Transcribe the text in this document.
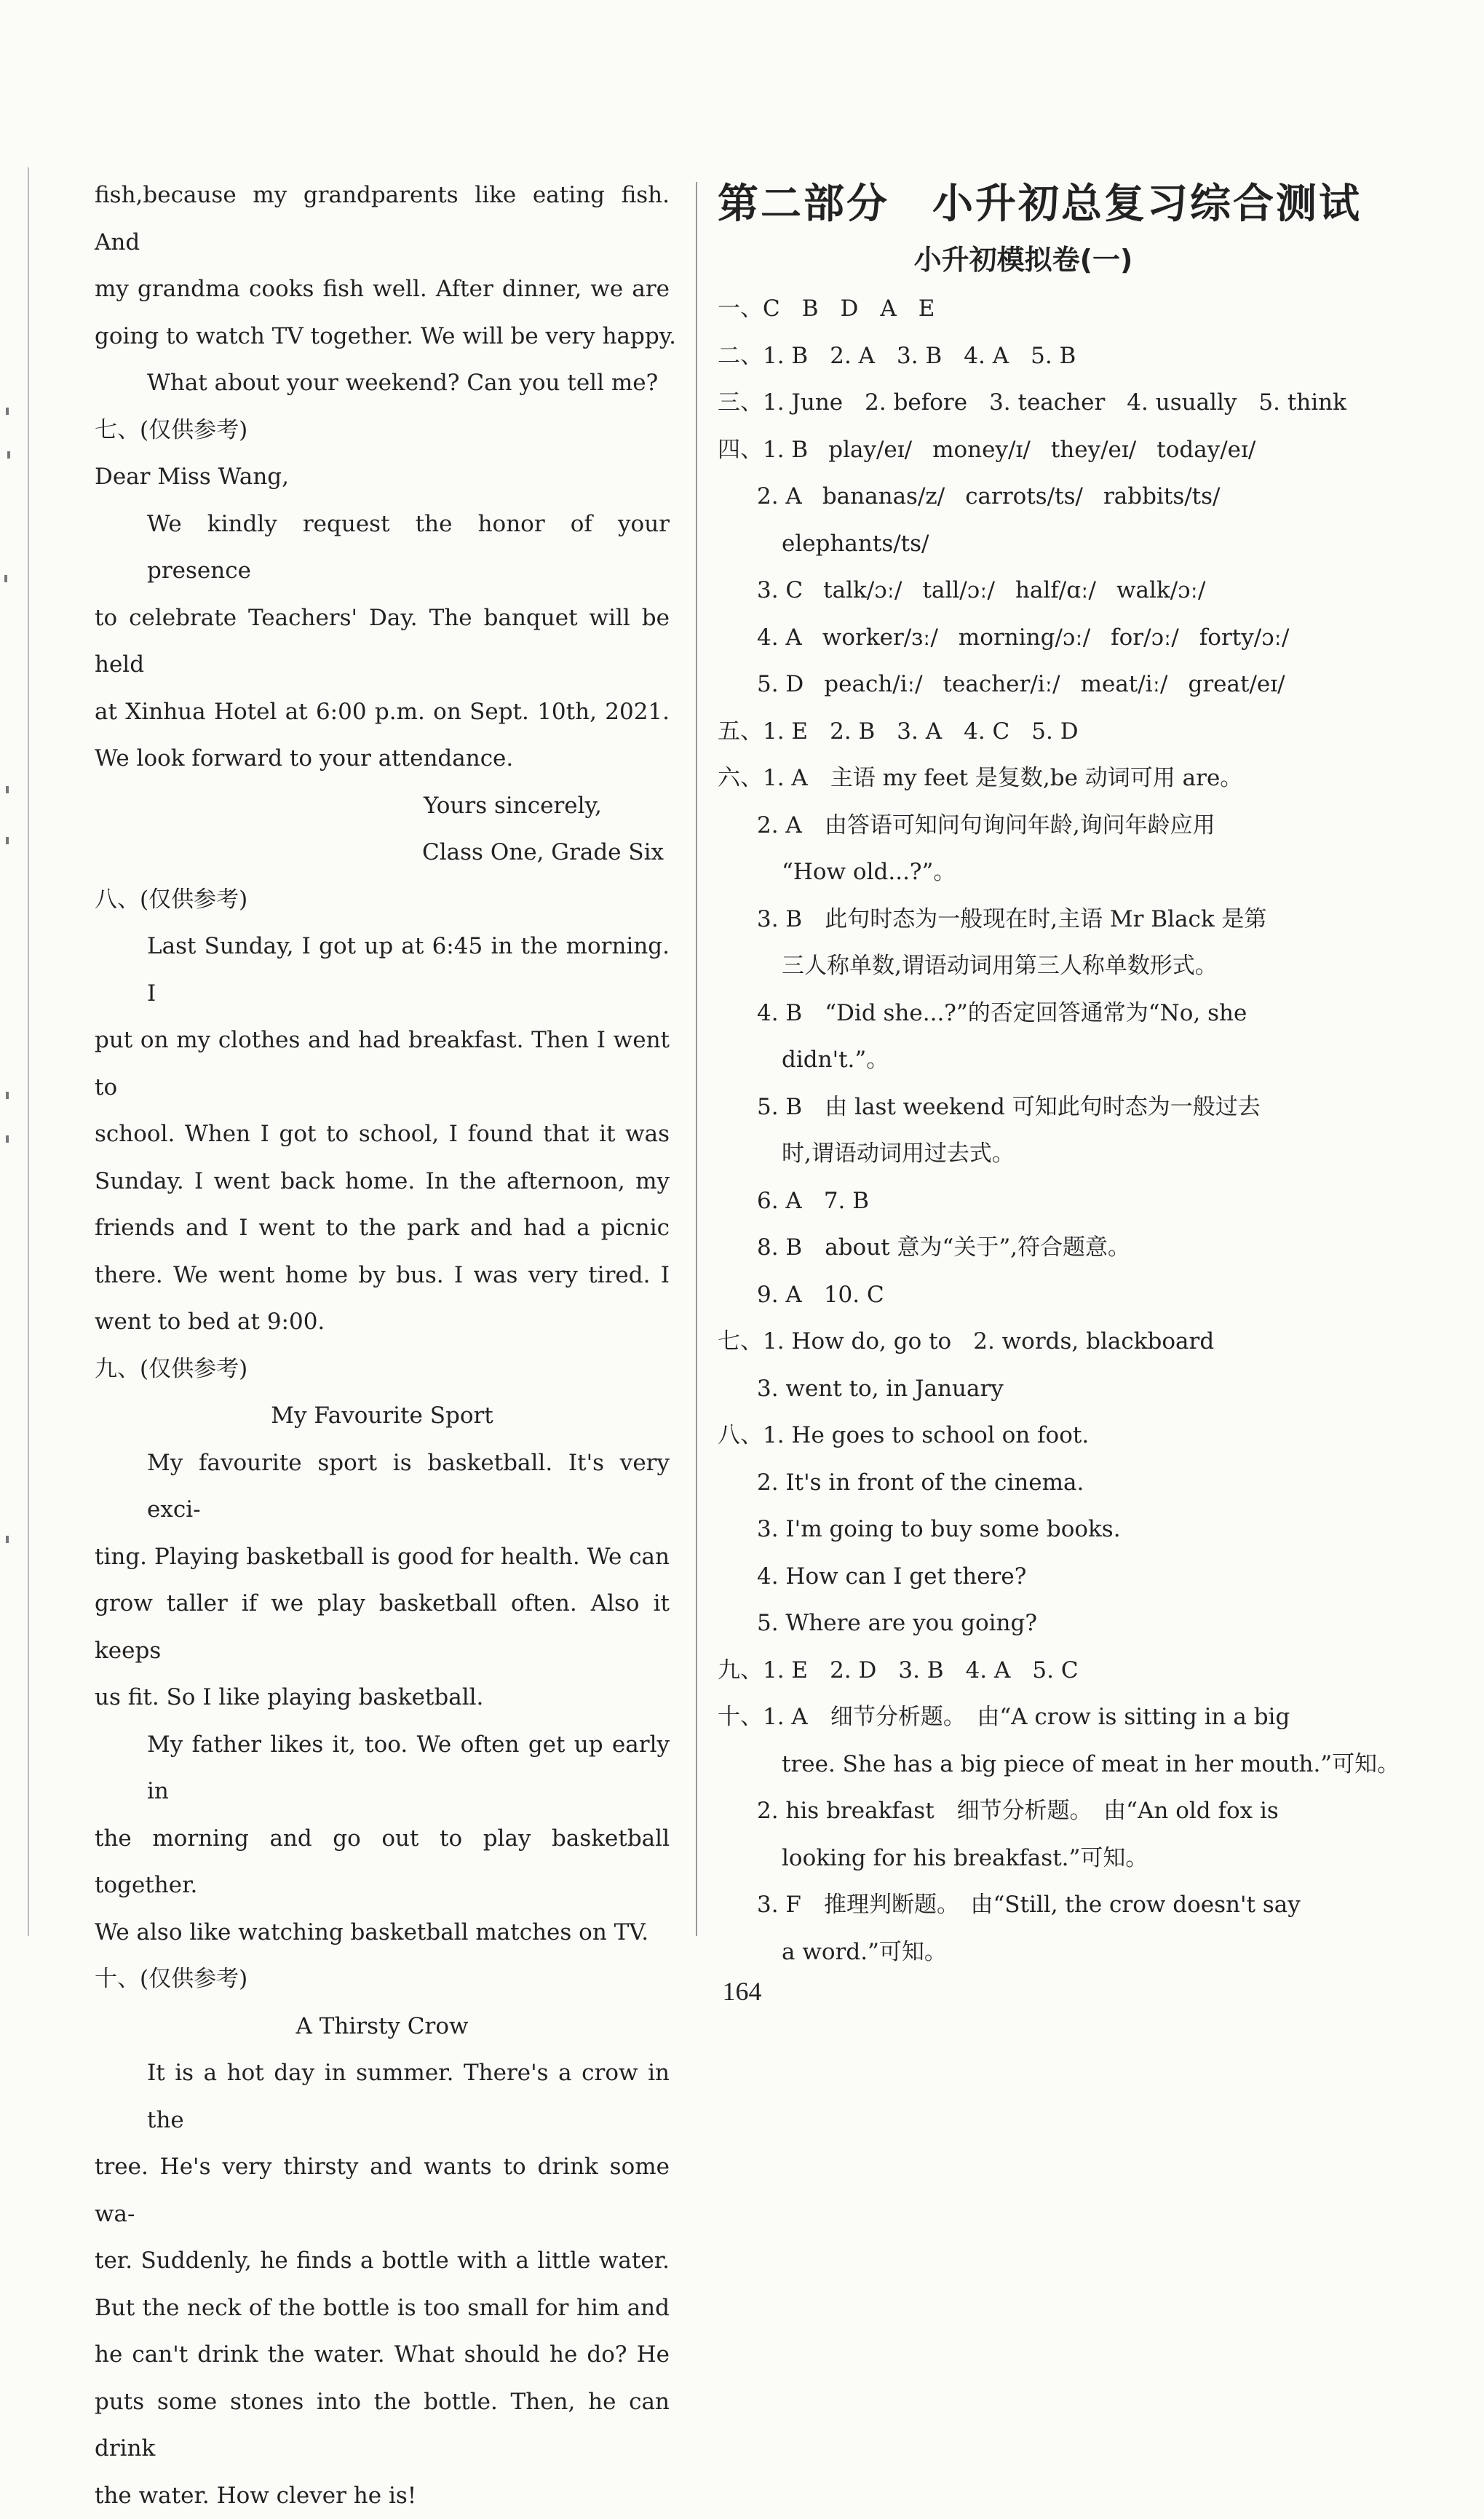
fish,because my grandparents like eating fish. And
my grandma cooks fish well. After dinner, we are
going to watch TV together. We will be very happy.
What about your weekend? Can you tell me?
七、(仅供参考)
Dear Miss Wang,
We kindly request the honor of your presence
to celebrate Teachers' Day. The banquet will be held
at Xinhua Hotel at 6:00 p.m. on Sept. 10th, 2021.
We look forward to your attendance.
Yours sincerely,
Class One, Grade Six
八、(仅供参考)
Last Sunday, I got up at 6:45 in the morning. I
put on my clothes and had breakfast. Then I went to
school. When I got to school, I found that it was
Sunday. I went back home. In the afternoon, my
friends and I went to the park and had a picnic
there. We went home by bus. I was very tired. I
went to bed at 9:00.
九、(仅供参考)
My Favourite Sport
My favourite sport is basketball. It's very exci-
ting. Playing basketball is good for health. We can
grow taller if we play basketball often. Also it keeps
us fit. So I like playing basketball.
My father likes it, too. We often get up early in
the morning and go out to play basketball together.
We also like watching basketball matches on TV.
十、(仅供参考)
A Thirsty Crow
It is a hot day in summer. There's a crow in the
tree. He's very thirsty and wants to drink some wa-
ter. Suddenly, he finds a bottle with a little water.
But the neck of the bottle is too small for him and
he can't drink the water. What should he do? He
puts some stones into the bottle. Then, he can drink
the water. How clever he is!
第二部分　小升初总复习综合测试
小升初模拟卷(一)
一、C B D A E
二、1. B 2. A 3. B 4. A 5. B
三、1. June 2. before 3. teacher 4. usually 5. think
四、1. B play/eɪ/ money/ɪ/ they/eɪ/ today/eɪ/
2. A bananas/z/ carrots/ts/ rabbits/ts/
elephants/ts/
3. C talk/ɔː/ tall/ɔː/ half/ɑː/ walk/ɔː/
4. A worker/ɜː/ morning/ɔː/ for/ɔː/ forty/ɔː/
5. D peach/iː/ teacher/iː/ meat/iː/ great/eɪ/
五、1. E 2. B 3. A 4. C 5. D
六、1. A　主语 my feet 是复数,be 动词可用 are。
2. A　由答语可知问句询问年龄,询问年龄应用
“How old...?”。
3. B　此句时态为一般现在时,主语 Mr Black 是第
三人称单数,谓语动词用第三人称单数形式。
4. B　“Did she...?”的否定回答通常为“No, she
didn't.”。
5. B　由 last weekend 可知此句时态为一般过去
时,谓语动词用过去式。
6. A 7. B
8. B　about 意为“关于”,符合题意。
9. A 10. C
七、1. How do, go to 2. words, blackboard
3. went to, in January
八、1. He goes to school on foot.
2. It's in front of the cinema.
3. I'm going to buy some books.
4. How can I get there?
5. Where are you going?
九、1. E 2. D 3. B 4. A 5. C
十、1. A　细节分析题。　由“A crow is sitting in a big
tree. She has a big piece of meat in her mouth.”可知。
2. his breakfast　细节分析题。　由“An old fox is
looking for his breakfast.”可知。
3. F　推理判断题。　由“Still, the crow doesn't say
a word.”可知。
164
